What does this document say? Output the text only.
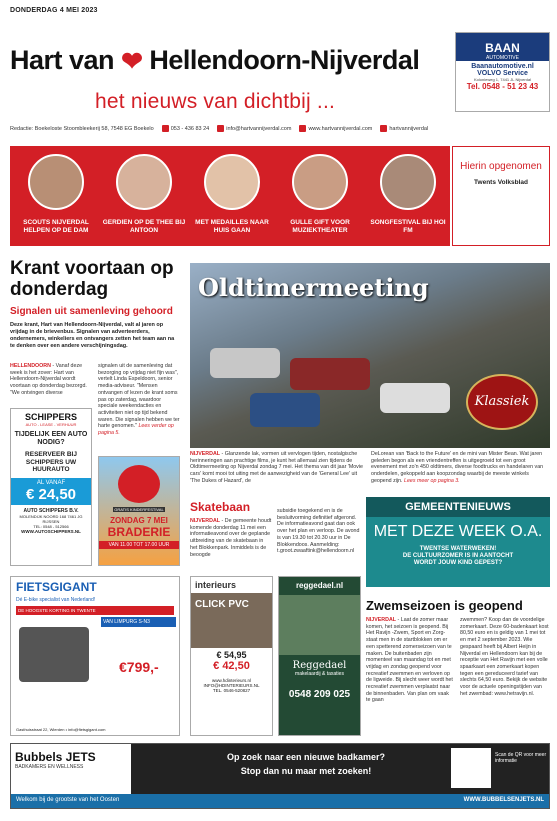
DONDERDAG 4 MEI 2023
Hart van ❤ Hellendoorn-Nijverdal
het nieuws van dichtbij ...
BAAN
AUTOMOTIVE
Baanautomotive.nl
VOLVO Service
Kolonieweg 1, 7441 JL Nijverdal
Tel. 0548 - 51 23 43
Redactie: Boekeloste Stoombleekerij 58, 7548 EG Boekelo	053 - 436 83 24	info@hartvannijverdal.com	www.hartvannijverdal.com	hartvannijverdal
SCOUTS NIJVERDAL HELPEN OP DE DAM
GERDIEN OP DE THEE BIJ ANTOON
MET MEDAILLES NAAR HUIS GAAN
GULLE GIFT VOOR MUZIEKTHEATER
SONGFESTIVAL BIJ HOI FM
Hierin opgenomen
Twents Volksblad
Krant voortaan op donderdag
Signalen uit samenleving gehoord
Deze krant, Hart van Hellendoorn-Nijverdal, valt al jaren op vrijdag in de brievenbus. Signalen van adverteerders, ondernemers, winkeliers en ontvangers zetten het team aan na te denken over een andere verschijningsdag.
HELLENDOORN - Vanaf deze week is het zover: Hart van Hellendoorn-Nijverdal wordt voortaan op donderdag bezorgd. "We ontvingen diverse
signalen uit de samenleving dat bezorging op vrijdag niet fijn was", vertelt Linda Espeldoorn, senior media-adviseur. "Mensen ontvangen of lezen de krant soms pas op zaterdag, waardoor speciale weekendacties en activiteiten niet op tijd bekend waren. Die signalen hebben we ter harte genomen." Lees verder op pagina 5.
SCHIPPERS
AUTO - LEASE - VERHUUR
TIJDELIJK EEN AUTO NODIG?
RESERVEER BIJ SCHIPPERS UW HUURAUTO
AL VANAF
€ 24,50
AUTO SCHIPPERS B.V.
MOLENDIJK NOORD 168 7461 JG RIJSSEN
TEL: 0548 - 512566
WWW.AUTOSCHIPPERS.NL
GRATIS KINDERFESTIVAL
ZONDAG 7 MEI
BRADERIE
VAN 11.00 TOT 17.00 UUR
Oldtimermeeting
Klassiek
NIJVERDAL - Glanzende lak, vormen uit vervlogen tijden, nostalgische herinneringen aan prachtige films, je kunt het allemaal zien tijdens de Oldtimermeeting op Nijverdal zondag 7 mei. Het thema van dit jaar 'Movie cars' komt mooi tot uiting met de aanwezigheid van de 'General Lee' uit 'The Dukes of Hazard', de
DeLorean van 'Back to the Future' en de mini van Mister Bean. Wat jaren geleden begon als een vriendentreffen is uitgegroeid tot een groot evenement met zo'n 450 oldtimers, diverse foodtrucks en handelaren van onderdelen, gekoppeld aan koopzondag waarbij de meeste winkels geopend zijn. Lees meer op pagina 3.
Skatebaan
NIJVERDAL - De gemeente houdt komende donderdag 11 mei een informatieavond over de geplande uitbreiding van de skatebaan in het Blokkenpark. Inmiddels is de beoogde
subsidie toegekend en is de besluitvorming definitief afgerond. De informatieavond gaat dan ook over het plan en verloop. De avond is van 19.30 tot 20.30 uur in De Blokkendoos. Aanmelding: t.groot.zwaaftink@hellendoorn.nl
GEMEENTENIEUWS
MET DEZE WEEK O.A.
TWENTSE WATERWEKEN!
DE CULTUURZOMER IS IN AANTOCHT
WORDT JOUW KIND GEPEST?
Zwemseizoen is geopend
NIJVERDAL - Laat de zomer maar komen, het seizoen is geopend. Bij Het Ravijn -Zwem, Sport en Zorg- staat men in de startblokken om er een spetterend zomerseizoen van te maken. De buitenbaden zijn momenteel van maandag tot en met vrijdag en zondag geopend voor recreatief zwemmen en verloven op de ligweide. Bij slecht weer wordt het recreatief zwemmen verplaatst naar de binnenbaden. Van plan om vaak te gaan
zwemmen? Koop dan de voordelige zomerkaart. Deze 60-badenkaart kost 80,50 euro en is geldig van 1 mei tot en met 2 september 2023. Wie gespaard heeft bij Albert Heijn in Nijverdal en Hellendoorn kan bij de receptie van Het Ravijn met een volle spaarkaart een zomerkaart kopen tegen een gereduceerd tarief van slechts 64,50 euro. Bekijk de website voor de actuele openingstijden van het zwembad: www.hetravijn.nl.
FIETSGIGANT
Dé E-bike specialist van Nederland!
DE HOOGSTE KORTING IN TWENTE
VAN LIMPURG S-N3
€799,-
Gasthuisstraat 22, Wierden • info@fietsgigant.com
interieurs
CLICK PVC
€ 54,95
€ 42,50
www.hdinterieurs.nl
INFO@HDINTERIEURS.NL
TEL. 0546-520827
reggedael.nl
Reggedael
makelaardij & taxaties
0548 209 025
Bubbels JETS
BADKAMERS EN WELLNESS
Op zoek naar een nieuwe badkamer?
Stop dan nu maar met zoeken!
Scan de QR voor meer informatie
Welkom bij de grootste van het Oosten	WWW.BUBBELSENJETS.NL
